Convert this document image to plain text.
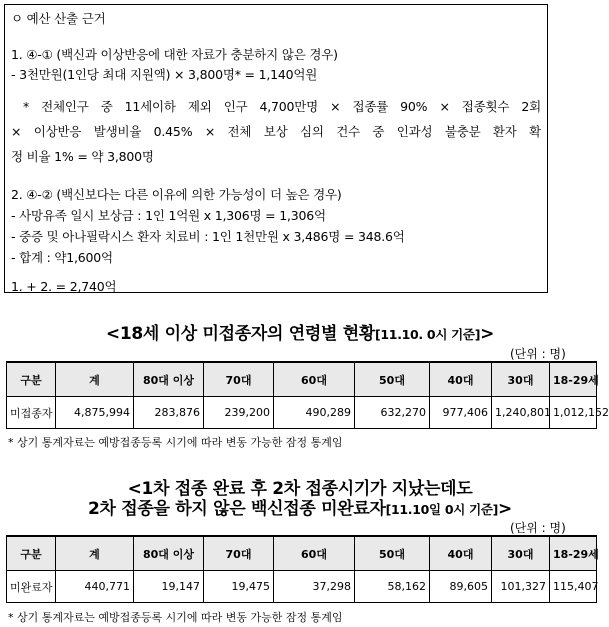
ㅇ 예산 산출 근거
1. ④-① (백신과 이상반응에 대한 자료가 충분하지 않은 경우)
- 3천만원(1인당 최대 지원액) × 3,800명* = 1,140억원
* 전체인구 중 11세이하 제외 인구 4,700만명 × 접종률 90% × 접종횟수 2회
× 이상반응 발생비율 0.45% × 전체 보상 심의 건수 중 인과성 불충분 환자 확
정 비율 1% = 약 3,800명
2. ④-② (백신보다는 다른 이유에 의한 가능성이 더 높은 경우)
- 사망유족 일시 보상금 : 1인 1억원 x 1,306명 = 1,306억
- 중증 및 아나필락시스 환자 치료비 : 1인 1천만원 x 3,486명 = 348.6억
- 합계 : 약1,600억
1. + 2. = 2,740억
<18세 이상 미접종자의 연령별 현황[11.10. 0시 기준]>
(단위 : 명)
구분	계	80대 이상	70대	60대	50대	40대	30대	18-29세
미접종자	4,875,994	283,876	239,200	490,289	632,270	977,406	1,240,801	1,012,152
* 상기 통계자료는 예방접종등록 시기에 따라 변동 가능한 잠정 통계임
<1차 접종 완료 후 2차 접종시기가 지났는데도
2차 접종을 하지 않은 백신접종 미완료자[11.10일 0시 기준]>
(단위 : 명)
구분	계	80대 이상	70대	60대	50대	40대	30대	18-29세
미완료자	440,771	19,147	19,475	37,298	58,162	89,605	101,327	115,407
* 상기 통계자료는 예방접종등록 시기에 따라 변동 가능한 잠정 통계임
